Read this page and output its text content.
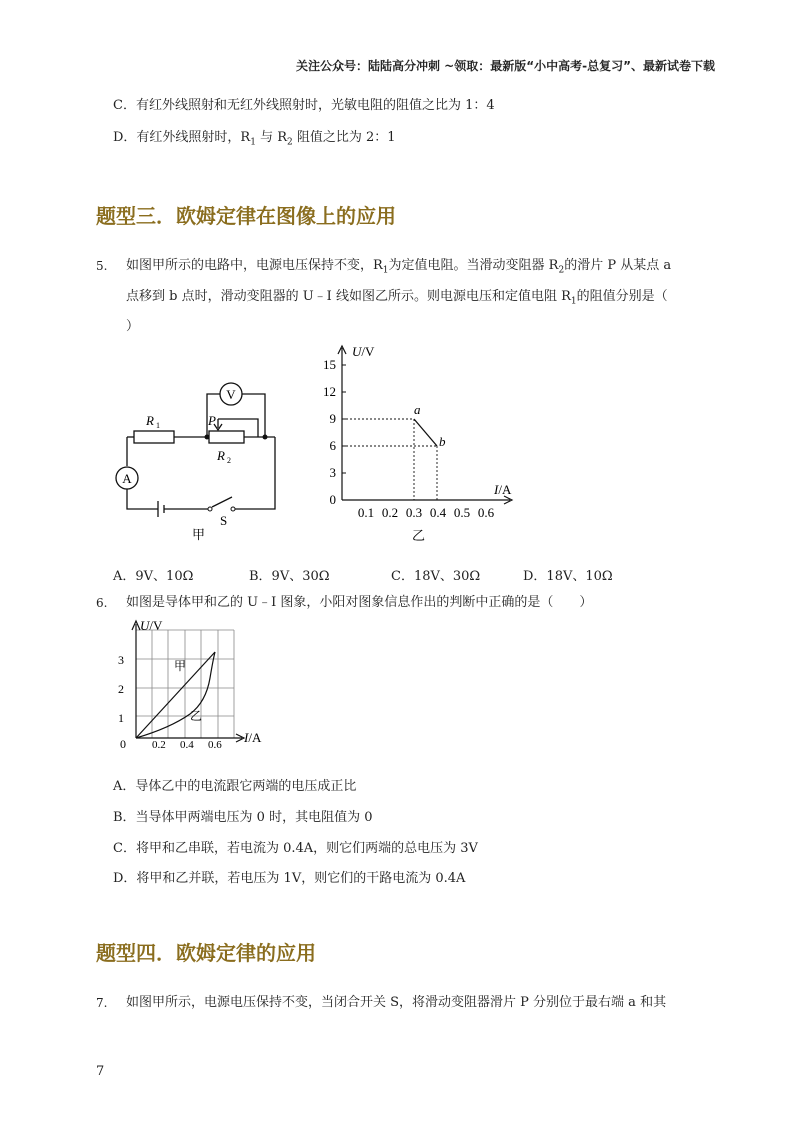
关注公众号：陆陆高分冲刺 ~领取：最新版“小中高考-总复习”、最新试卷下载
C．有红外线照射和无红外线照射时，光敏电阻的阻值之比为 1：4
D．有红外线照射时，$R_1$ 与 $R_2$ 阻值之比为 2：1
题型三．欧姆定律在图像上的应用
5. 如图甲所示的电路中，电源电压保持不变，$R_1$为定值电阻。当滑动变阻器 $R_2$的滑片 P 从某点 a
点移到 b 点时，滑动变阻器的 U﹣I 线如图乙所示。则电源电压和定值电阻 $R_1$的阻值分别是（
）
V
A
R 1	P
R 2
S
甲
0
3
6
9
12
15
0.1 0.2 0.3 0.4 0.5 0.6
a
b
U/V
I/A
乙
A．9V、10Ω	B．9V、30Ω	C．18V、30Ω	D．18V、10Ω
6. 如图是导体甲和乙的 U﹣I 图象，小阳对图象信息作出的判断中正确的是（　　）
U/V
I/A
1
2
3
0 0.2 0.4 0.6
甲
乙
A．导体乙中的电流跟它两端的电压成正比
B．当导体甲两端电压为 0 时，其电阻值为 0
C．将甲和乙串联，若电流为 0.4A，则它们两端的总电压为 3V
D．将甲和乙并联，若电压为 1V，则它们的干路电流为 0.4A
题型四．欧姆定律的应用
7. 如图甲所示，电源电压保持不变，当闭合开关 S，将滑动变阻器滑片 P 分别位于最右端 a 和其
7
